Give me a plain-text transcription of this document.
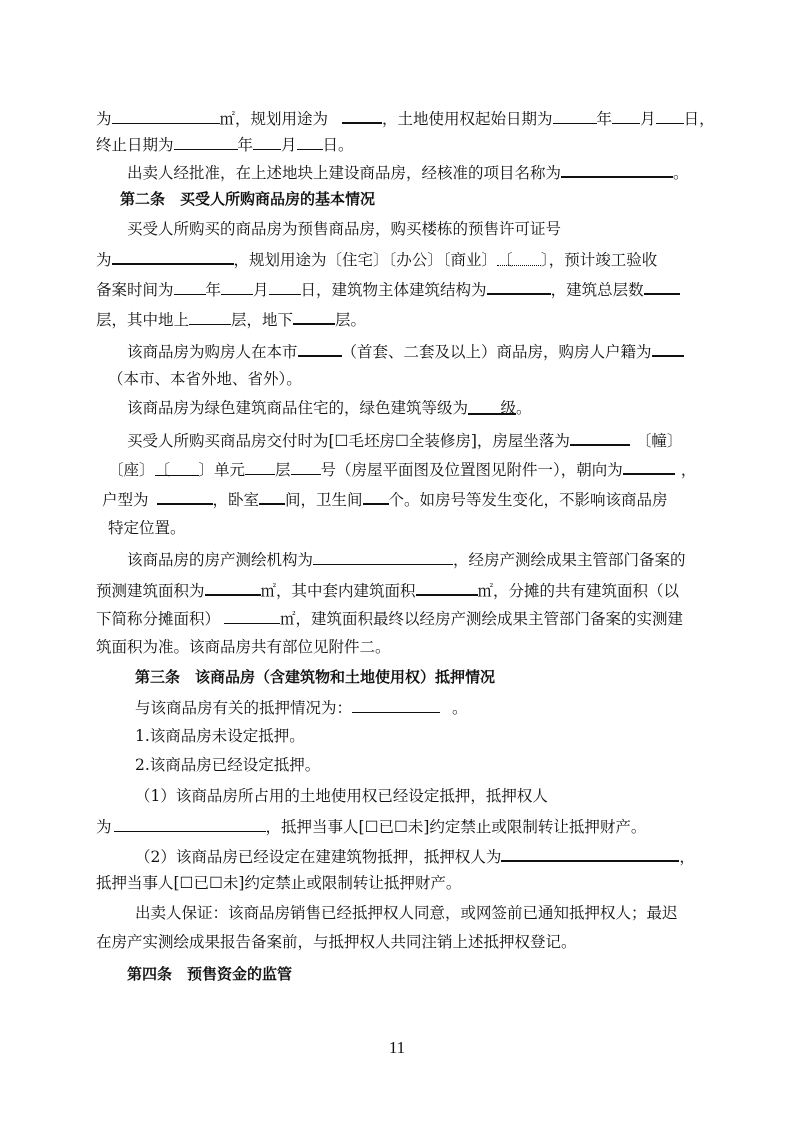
为	㎡，规划用途为	，土地使用权起始日期为	年 月 日，
终止日期为	年 月 日。
出卖人经批准，在上述地块上建设商品房，经核准的项目名称为	。
第二条　买受人所购商品房的基本情况
买受人所购买的商品房为预售商品房，购买楼栋的预售许可证号
为	，规划用途为〔住宅〕〔办公〕〔商业〕〔 〕，预计竣工验收
备案时间为 年 月 日，建筑物主体建筑结构为	，建筑总层数
层，其中地上	层，地下	层。
该商品房为购房人在本市	（首套、二套及以上）商品房，购房人户籍为
（本市、本省外地、省外）。
该商品房为绿色建筑商品住宅的，绿色建筑等级为 级。
买受人所购买商品房交付时为[☐毛坯房☐全装修房]，房屋坐落为	〔幢〕
〔座〕〔 〕单元 层 号（房屋平面图及位置图见附件一），朝向为	，
户型为	，卧室 间，卫生间 个。如房号等发生变化，不影响该商品房
特定位置。
该商品房的房产测绘机构为	，经房产测绘成果主管部门备案的
预测建筑面积为	㎡，其中套内建筑面积	㎡，分摊的共有建筑面积（以
下简称分摊面积）	㎡，建筑面积最终以经房产测绘成果主管部门备案的实测建
筑面积为准。该商品房共有部位见附件二。
第三条　该商品房（含建筑物和土地使用权）抵押情况
与该商品房有关的抵押情况为：	。
1.该商品房未设定抵押。
2.该商品房已经设定抵押。
（1）该商品房所占用的土地使用权已经设定抵押，抵押权人
为	，抵押当事人[☐已☐未]约定禁止或限制转让抵押财产。
（2）该商品房已经设定在建建筑物抵押，抵押权人为	，
抵押当事人[☐已☐未]约定禁止或限制转让抵押财产。
出卖人保证：该商品房销售已经抵押权人同意，或网签前已通知抵押权人；最迟
在房产实测绘成果报告备案前，与抵押权人共同注销上述抵押权登记。
第四条　预售资金的监管
11
